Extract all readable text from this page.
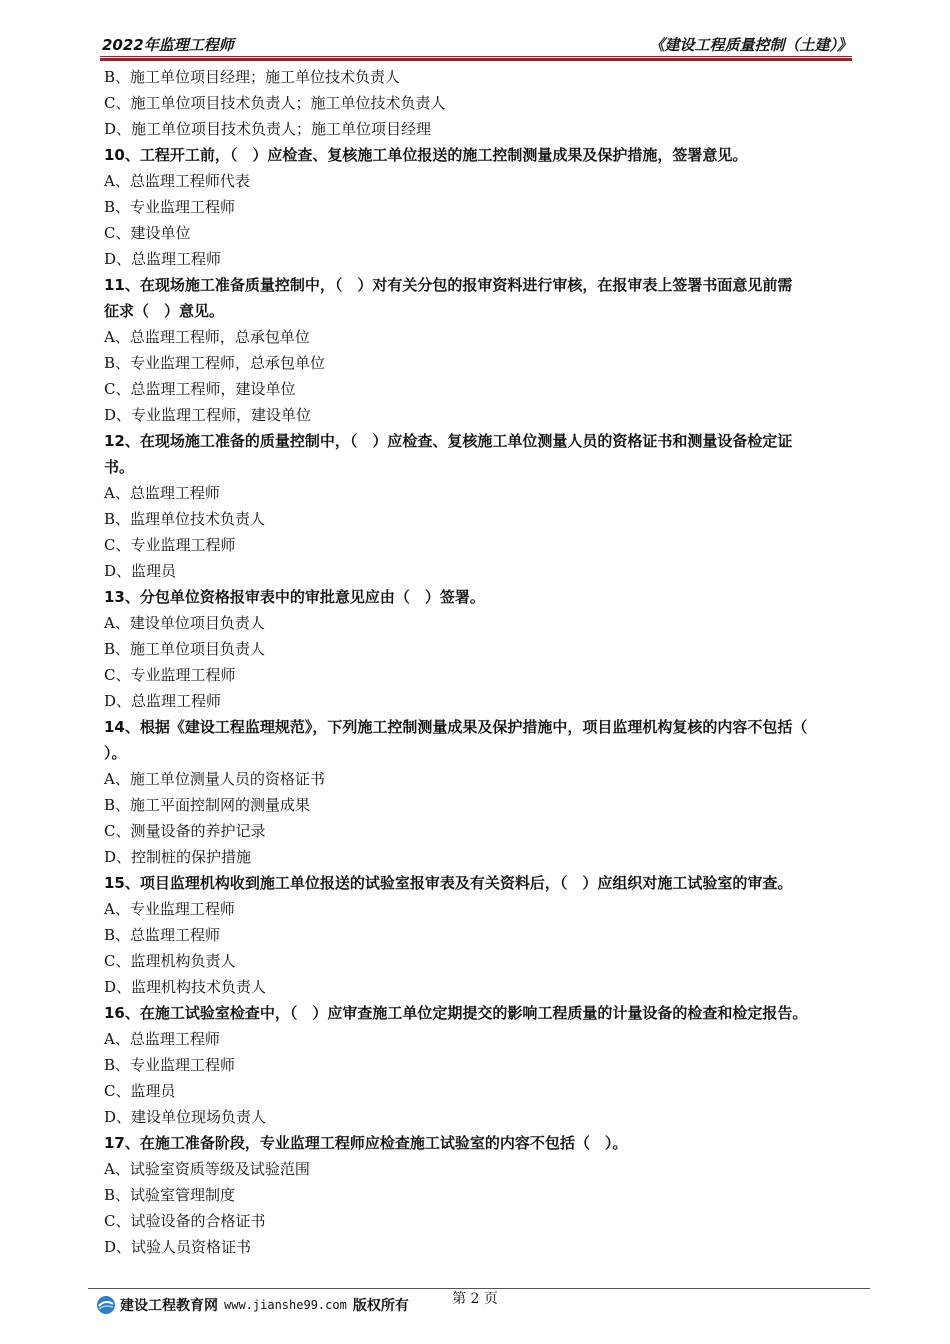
2022年监理工程师	《建设工程质量控制（土建）》
B、施工单位项目经理；施工单位技术负责人
C、施工单位项目技术负责人；施工单位技术负责人
D、施工单位项目技术负责人；施工单位项目经理
10、工程开工前，（　）应检查、复核施工单位报送的施工控制测量成果及保护措施，签署意见。
A、总监理工程师代表
B、专业监理工程师
C、建设单位
D、总监理工程师
11、在现场施工准备质量控制中，（　）对有关分包的报审资料进行审核，在报审表上签署书面意见前需
征求（　）意见。
A、总监理工程师，总承包单位
B、专业监理工程师，总承包单位
C、总监理工程师，建设单位
D、专业监理工程师，建设单位
12、在现场施工准备的质量控制中，（　）应检查、复核施工单位测量人员的资格证书和测量设备检定证
书。
A、总监理工程师
B、监理单位技术负责人
C、专业监理工程师
D、监理员
13、分包单位资格报审表中的审批意见应由（　）签署。
A、建设单位项目负责人
B、施工单位项目负责人
C、专业监理工程师
D、总监理工程师
14、根据《建设工程监理规范》，下列施工控制测量成果及保护措施中，项目监理机构复核的内容不包括（
）。
A、施工单位测量人员的资格证书
B、施工平面控制网的测量成果
C、测量设备的养护记录
D、控制桩的保护措施
15、项目监理机构收到施工单位报送的试验室报审表及有关资料后，（　）应组织对施工试验室的审查。
A、专业监理工程师
B、总监理工程师
C、监理机构负责人
D、监理机构技术负责人
16、在施工试验室检查中，（　）应审查施工单位定期提交的影响工程质量的计量设备的检查和检定报告。
A、总监理工程师
B、专业监理工程师
C、监理员
D、建设单位现场负责人
17、在施工准备阶段，专业监理工程师应检查施工试验室的内容不包括（　）。
A、试验室资质等级及试验范围
B、试验室管理制度
C、试验设备的合格证书
D、试验人员资格证书
建设工程教育网 www.jianshe99.com 版权所有	第 2 页
